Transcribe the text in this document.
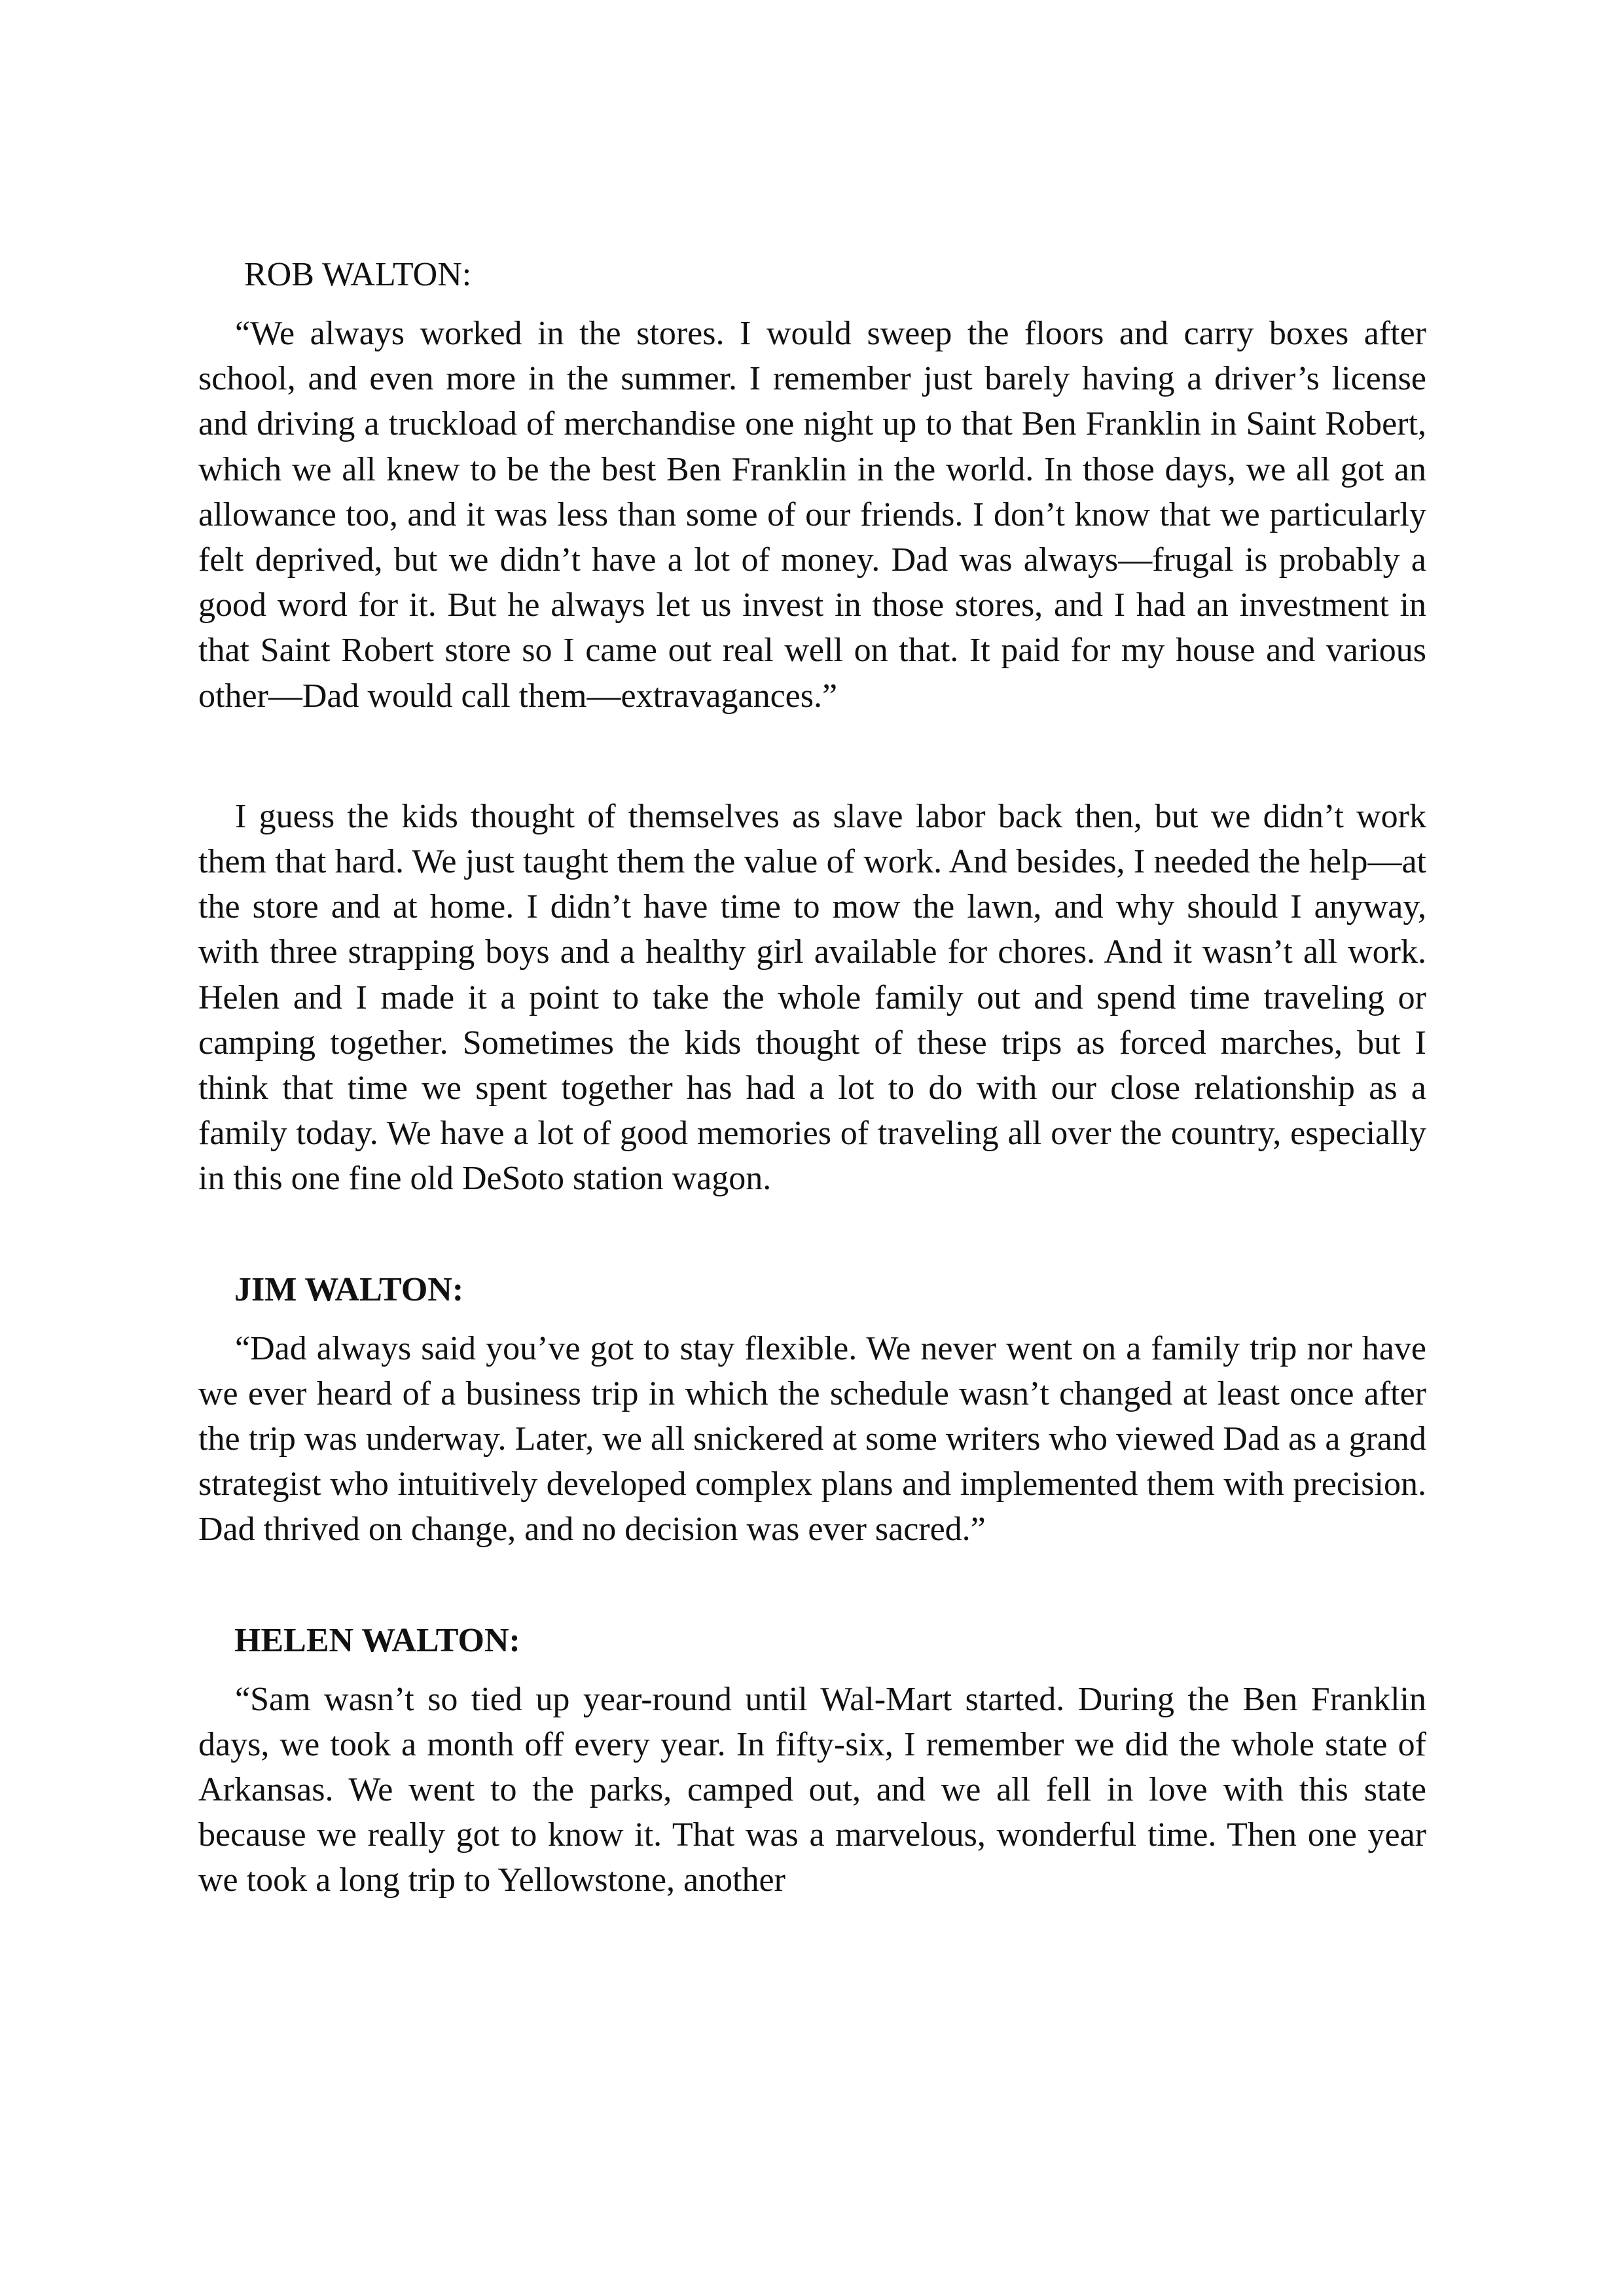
ROB WALTON:

“We always worked in the stores. I would sweep the floors and carry boxes after school, and even more in the summer. I remember just barely having a driver’s license and driving a truckload of merchandise one night up to that Ben Franklin in Saint Robert, which we all knew to be the best Ben Franklin in the world. In those days, we all got an allowance too, and it was less than some of our friends. I don’t know that we particularly felt deprived, but we didn’t have a lot of money. Dad was always—frugal is probably a good word for it. But he always let us invest in those stores, and I had an investment in that Saint Robert store so I came out real well on that. It paid for my house and various other—Dad would call them—extravagances.”

I guess the kids thought of themselves as slave labor back then, but we didn’t work them that hard. We just taught them the value of work. And besides, I needed the help—at the store and at home. I didn’t have time to mow the lawn, and why should I anyway, with three strapping boys and a healthy girl available for chores. And it wasn’t all work. Helen and I made it a point to take the whole family out and spend time traveling or camping together. Sometimes the kids thought of these trips as forced marches, but I think that time we spent together has had a lot to do with our close relationship as a family today. We have a lot of good memories of traveling all over the country, especially in this one fine old DeSoto station wagon.

JIM WALTON:

“Dad always said you’ve got to stay flexible. We never went on a family trip nor have we ever heard of a business trip in which the schedule wasn’t changed at least once after the trip was underway. Later, we all snickered at some writers who viewed Dad as a grand strategist who intuitively developed complex plans and implemented them with precision. Dad thrived on change, and no decision was ever sacred.”

HELEN WALTON:

“Sam wasn’t so tied up year-round until Wal-Mart started. During the Ben Franklin days, we took a month off every year. In fifty-six, I remember we did the whole state of Arkansas. We went to the parks, camped out, and we all fell in love with this state because we really got to know it. That was a marvelous, wonderful time. Then one year we took a long trip to Yellowstone, another
